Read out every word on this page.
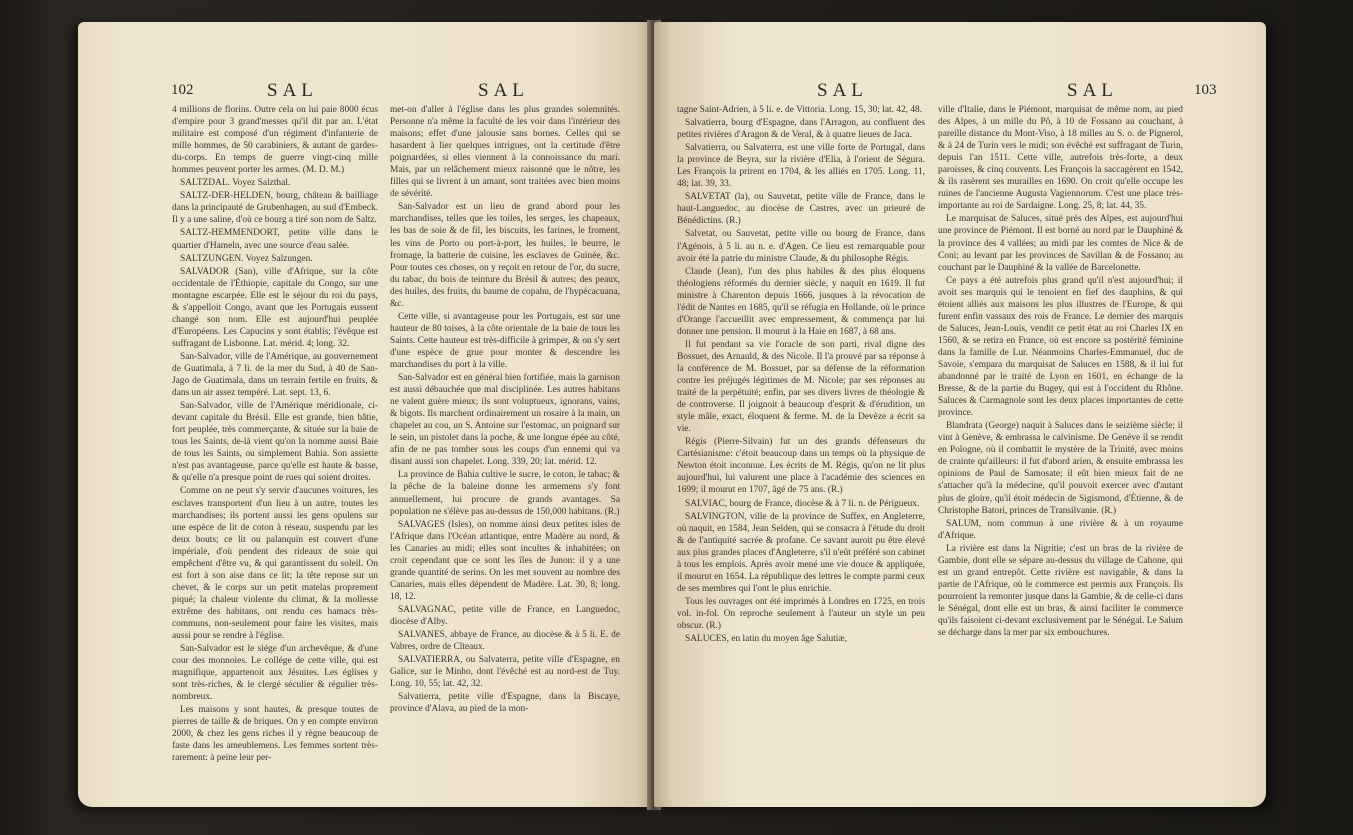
102	SAL	SAL

4 millions de florins. Outre cela on lui paie 8000 écus d'empire pour 3 grand'messes qu'il dit par an. L'état militaire est composé d'un régiment d'infanterie de mille hommes, de 50 carabiniers, & autant de gardes-du-corps. En temps de guerre vingt-cinq mille hommes peuvent porter les armes. (M. D. M.)

SALTZDAL. Voyez Salzthal.

SALTZ-DER-HELDEN, bourg, château & bailliage dans la principauté de Grubenhagen, au sud d'Embeck. Il y a une saline, d'où ce bourg a tiré son nom de Saltz.

SALTZ-HEMMENDORT, petite ville dans le quartier d'Hameln, avec une source d'eau salée.

SALTZUNGEN. Voyez Salzungen.

SALVADOR (San), ville d'Afrique, sur la côte occidentale de l'Éthiopie, capitale du Congo, sur une montagne escarpée. Elle est le séjour du roi du pays, & s'appelloit Congo, avant que les Portugais eussent changé son nom. Elle est aujourd'hui peuplée d'Européens. Les Capucins y sont établis; l'évêque est suffragant de Lisbonne. Lat. mérid. 4; long. 32.

San-Salvador, ville de l'Amérique, au gouvernement de Guatimala, à 7 li. de la mer du Sud, à 40 de San-Jago de Guatimala, dans un terrain fertile en fruits, & dans un air assez tempéré. Lat. sept. 13, 6.

San-Salvador, ville de l'Amérique méridionale, ci-devant capitale du Brésil. Elle est grande, bien bâtie, fort peuplée, très commerçante, & située sur la baie de tous les Saints, de-là vient qu'on la nomme aussi Baie de tous les Saints, ou simplement Bahia. Son assiette n'est pas avantageuse, parce qu'elle est haute & basse, & qu'elle n'a presque point de rues qui soient droites.

Comme on ne peut s'y servir d'aucunes voitures, les esclaves transportent d'un lieu à un autre, toutes les marchandises; ils portent aussi les gens opulens sur une espèce de lit de coton à réseau, suspendu par les deux bouts; ce lit ou palanquin est couvert d'une impériale, d'où pendent des rideaux de soie qui empêchent d'être vu, & qui garantissent du soleil. On est fort à son aise dans ce lit; la tête repose sur un chevet, & le corps sur un petit matelas proprement piqué; la chaleur violente du climat, & la mollesse extrême des habitans, ont rendu ces hamacs très-communs, non-seulement pour faire les visites, mais aussi pour se rendre à l'église.

San-Salvador est le siége d'un archevêque, & d'une cour des monnoies. Le collége de cette ville, qui est magnifique, appartenoit aux Jésuites. Les églises y sont très-riches, & le clergé séculier & régulier très-nombreux.

Les maisons y sont hautes, & presque toutes de pierres de taille & de briques. On y en compte environ 2000, & chez les gens riches il y règne beaucoup de faste dans les ameublemens. Les femmes sortent très-rarement: à peine leur per-

met-on d'aller à l'église dans les plus grandes solemnités. Personne n'a même la faculté de les voir dans l'intérieur des maisons; effet d'une jalousie sans bornes. Celles qui se hasardent à lier quelques intrigues, ont la certitude d'être poignardées, si elles viennent à la connoissance du mari. Mais, par un relâchement mieux raisonné que le nôtre, les filles qui se livrent à un amant, sont traitées avec bien moins de sévérité.

San-Salvador est un lieu de grand abord pour les marchandises, telles que les toiles, les serges, les chapeaux, les bas de soie & de fil, les biscuits, les farines, le froment, les vins de Porto ou port-à-port, les huiles, le beurre, le fromage, la batterie de cuisine, les esclaves de Guinée, &c. Pour toutes ces choses, on y reçoit en retour de l'or, du sucre, du tabac, du bois de teinture du Brésil & autres; des peaux, des huiles, des fruits, du baume de copahu, de l'hypécacuana, &c.

Cette ville, si avantageuse pour les Portugais, est sur une hauteur de 80 toises, à la côte orientale de la baie de tous les Saints. Cette hauteur est très-difficile à grimper, & on s'y sert d'une espèce de grue pour monter & descendre les marchandises du port à la ville.

San-Salvador est en général bien fortifiée, mais la garnison est aussi débauchée que mal disciplinée. Les autres habitans ne valent guère mieux; ils sont voluptueux, ignorans, vains, & bigots. Ils marchent ordinairement un rosaire à la main, un chapelet au cou, un S. Antoine sur l'estomac, un poignard sur le sein, un pistolet dans la poche, & une longue épée au côté, afin de ne pas tomber sous les coups d'un ennemi qui va disant aussi son chapelet. Long. 339, 20; lat. mérid. 12.

La province de Bahia cultive le sucre, le coton, le tabac; & la pêche de la baleine donne les armemens s'y font annuellement, lui procure de grands avantages. Sa population ne s'élève pas au-dessus de 150,000 habitans. (R.)

SALVAGES (Isles), on nomme ainsi deux petites isles de l'Afrique dans l'Océan atlantique, entre Madère au nord, & les Canaries au midi; elles sont incultes & inhabitées; on croit cependant que ce sont les îles de Junon: il y a une grande quantité de serins. On les met souvent au nombre des Canaries, mais elles dépendent de Madère. Lat. 30, 8; long. 18, 12.

SALVAGNAC, petite ville de France, en Languedoc, diocèse d'Alby.

SALVANES, abbaye de France, au diocèse & à 5 li. E. de Vabres, ordre de Cîteaux.

SALVATIERRA, ou Salvaterra, petite ville d'Espagne, en Galice, sur le Minho, dont l'évêché est au nord-est de Tuy. Long. 10, 55; lat. 42, 32.

Salvatierra, petite ville d'Espagne, dans la Biscaye, province d'Alava, au pied de la mon-

SAL	SAL	103

tagne Saint-Adrien, à 5 li. e. de Vittoria. Long. 15, 30; lat. 42, 48.

Salvatierra, bourg d'Espagne, dans l'Arragon, au confluent des petites rivières d'Aragon & de Veral, & à quatre lieues de Jaca.

Salvatierra, ou Salvaterra, est une ville forte de Portugal, dans la province de Beyra, sur la rivière d'Elia, à l'orient de Ségura. Les François la prirent en 1704, & les alliés en 1705. Long. 11, 48; lat. 39, 33.

SALVETAT (la), ou Sauvetat, petite ville de France, dans le haut-Languedoc, au diocèse de Castres, avec un prieuré de Bénédictins. (R.)

Salvetat, ou Sauvetat, petite ville ou bourg de France, dans l'Agénois, à 5 li. au n. e. d'Agen. Ce lieu est remarquable pour avoir été la patrie du ministre Claude, & du philosophe Régis.

Claude (Jean), l'un des plus habiles & des plus éloquens théologiens réformés du dernier siècle, y naquit en 1619. Il fut ministre à Charenton depuis 1666, jusques à la révocation de l'édit de Nantes en 1685, qu'il se réfugia en Hollande, où le prince d'Orange l'accueillit avec empressement, & commença par lui donner une pension. Il mourut à la Haie en 1687, à 68 ans.

Il fut pendant sa vie l'oracle de son parti, rival digne des Bossuet, des Arnauld, & des Nicole. Il l'a prouvé par sa réponse à la conférence de M. Bossuet, par sa défense de la réformation contre les préjugés légitimes de M. Nicole; par ses réponses au traité de la perpétuité; enfin, par ses divers livres de théologie & de controverse. Il joignoit à beaucoup d'esprit & d'érudition, un style mâle, exact, éloquent & ferme. M. de la Devèze a écrit sa vie.

Régis (Pierre-Silvain) fut un des grands défenseurs du Cartésianisme: c'étoit beaucoup dans un temps où la physique de Newton étoit inconnue. Les écrits de M. Régis, qu'on ne lit plus aujourd'hui, lui valurent une place à l'académie des sciences en 1699; il mourut en 1707, âgé de 75 ans. (R.)

SALVIAC, bourg de France, diocèse & à 7 li. n. de Périgueux.

SALVINGTON, ville de la province de Suffex, en Angleterre, où naquit, en 1584, Jean Selden, qui se consacra à l'étude du droit & de l'antiquité sacrée & profane. Ce savant auroit pu être élevé aux plus grandes places d'Angleterre, s'il n'eût préféré son cabinet à tous les emplois. Après avoir mené une vie douce & appliquée, il mourut en 1654. La république des lettres le compte parmi ceux de ses membres qui l'ont le plus enrichie.

Tous les ouvrages ont été imprimés à Londres en 1725, en trois vol. in-fol. On reproche seulement à l'auteur un style un peu obscur. (R.)

SALUCES, en latin du moyen âge Salutiæ,

ville d'Italie, dans le Piémont, marquisat de même nom, au pied des Alpes, à un mille du Pô, à 10 de Fossano au couchant, à pareille distance du Mont-Viso, à 18 milles au S. o. de Pignerol, & à 24 de Turin vers le midi; son évêché est suffragant de Turin, depuis l'an 1511. Cette ville, autrefois très-forte, a deux paroisses, & cinq couvents. Les François la saccagèrent en 1542, & ils rasèrent ses murailles en 1690. On croit qu'elle occupe les ruines de l'ancienne Augusta Vagiennorum. C'est une place très-importante au roi de Sardaigne. Long. 25, 8; lat. 44, 35.

Le marquisat de Saluces, situé près des Alpes, est aujourd'hui une province de Piémont. Il est borné au nord par le Dauphiné & la province des 4 vallées; au midi par les comtes de Nice & de Coni; au levant par les provinces de Savillan & de Fossano; au couchant par le Dauphiné & la vallée de Barcelonette.

Ce pays a été autrefois plus grand qu'il n'est aujourd'hui; il avoit ses marquis qui le tenoient en fief des dauphins, & qui étoient alliés aux maisons les plus illustres de l'Europe, & qui furent enfin vassaux des rois de France. Le dernier des marquis de Saluces, Jean-Louis, vendit ce petit état au roi Charles IX en 1560, & se retira en France, où est encore sa postérité féminine dans la famille de Lur. Néanmoins Charles-Emmanuel, duc de Savoie, s'empara du marquisat de Saluces en 1588, & il lui fut abandonné par le traité de Lyon en 1601, en échange de la Bresse, & de la partie du Bugey, qui est à l'occident du Rhône. Saluces & Carmagnole sont les deux places importantes de cette province.

Blandrata (George) naquit à Saluces dans le seizième siècle; il vint à Genève, & embrassa le calvinisme. De Genève il se rendit en Pologne, où il combattit le mystère de la Trinité, avec moins de crainte qu'ailleurs: il fut d'abord arien, & ensuite embrassa les opinions de Paul de Samosate; il eût bien mieux fait de ne s'attacher qu'à la médecine, qu'il pouvoit exercer avec d'autant plus de gloire, qu'il étoit médecin de Sigismond, d'Étienne, & de Christophe Batori, princes de Transilvanie. (R.)

SALUM, nom commun à une rivière & à un royaume d'Afrique.

La rivière est dans la Nigritie; c'est un bras de la rivière de Gambie, dont elle se sépare au-dessus du village de Cahone, qui est un grand entrepôt. Cette rivière est navigable, & dans la partie de l'Afrique, où le commerce est permis aux François. Ils pourroient la remonter jusque dans la Gambie, & de celle-ci dans le Sénégal, dont elle est un bras, & ainsi faciliter le commerce qu'ils faisoient ci-devant exclusivement par le Sénégal. Le Salum se décharge dans la mer par six embouchures.
